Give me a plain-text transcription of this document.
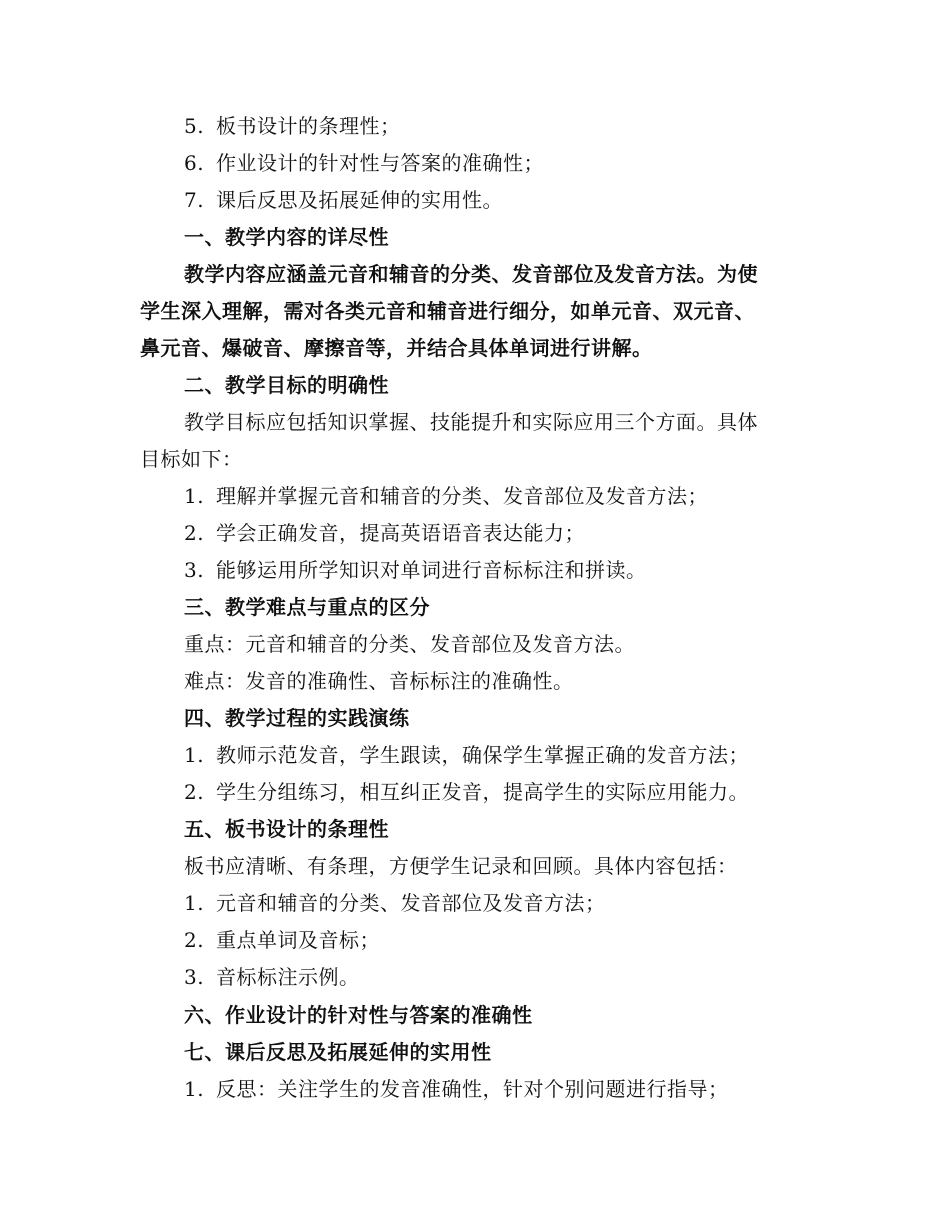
5. 板书设计的条理性；
6. 作业设计的针对性与答案的准确性；
7. 课后反思及拓展延伸的实用性。
一、教学内容的详尽性
教学内容应涵盖元音和辅音的分类、发音部位及发音方法。为使
学生深入理解，需对各类元音和辅音进行细分，如单元音、双元音、
鼻元音、爆破音、摩擦音等，并结合具体单词进行讲解。
二、教学目标的明确性
教学目标应包括知识掌握、技能提升和实际应用三个方面。具体
目标如下：
1. 理解并掌握元音和辅音的分类、发音部位及发音方法；
2. 学会正确发音，提高英语语音表达能力；
3. 能够运用所学知识对单词进行音标标注和拼读。
三、教学难点与重点的区分
重点：元音和辅音的分类、发音部位及发音方法。
难点：发音的准确性、音标标注的准确性。
四、教学过程的实践演练
1. 教师示范发音，学生跟读，确保学生掌握正确的发音方法；
2. 学生分组练习，相互纠正发音，提高学生的实际应用能力。
五、板书设计的条理性
板书应清晰、有条理，方便学生记录和回顾。具体内容包括：
1. 元音和辅音的分类、发音部位及发音方法；
2. 重点单词及音标；
3. 音标标注示例。
六、作业设计的针对性与答案的准确性
七、课后反思及拓展延伸的实用性
1. 反思：关注学生的发音准确性，针对个别问题进行指导；
